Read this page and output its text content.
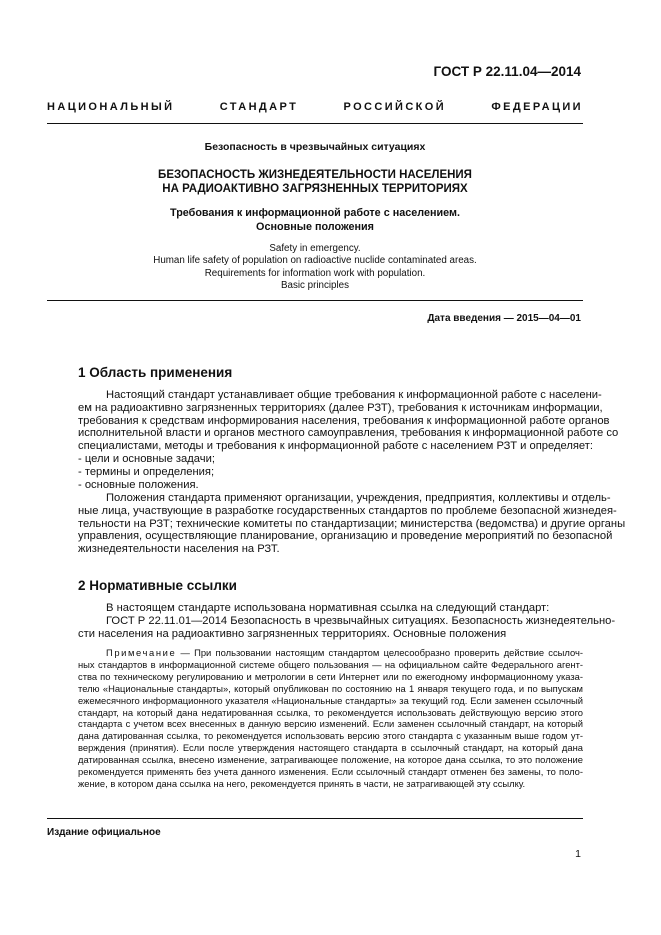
ГОСТ Р 22.11.04—2014
НАЦИОНАЛЬНЫЙ СТАНДАРТ РОССИЙСКОЙ ФЕДЕРАЦИИ
Безопасность в чрезвычайных ситуациях
БЕЗОПАСНОСТЬ ЖИЗНЕДЕЯТЕЛЬНОСТИ НАСЕЛЕНИЯ
НА РАДИОАКТИВНО ЗАГРЯЗНЕННЫХ ТЕРРИТОРИЯХ
Требования к информационной работе с населением.
Основные положения
Safety in emergency.
Human life safety of population on radioactive nuclide contaminated areas.
Requirements for information work with population.
Basic principles
Дата введения — 2015—04—01
1 Область применения
Настоящий стандарт устанавливает общие требования к информационной работе с населени-
ем на радиоактивно загрязненных территориях (далее РЗТ), требования к источникам информации,
требования к средствам информирования населения, требования к информационной работе органов
исполнительной власти и органов местного самоуправления, требования к информационной работе со
специалистами, методы и требования к информационной работе с населением РЗТ и определяет:
- цели и основные задачи;
- термины и определения;
- основные положения.
Положения стандарта применяют организации, учреждения, предприятия, коллективы и отдель-
ные лица, участвующие в разработке государственных стандартов по проблеме безопасной жизнедея-
тельности на РЗТ; технические комитеты по стандартизации; министерства (ведомства) и другие органы
управления, осуществляющие планирование, организацию и проведение мероприятий по безопасной
жизнедеятельности населения на РЗТ.
2 Нормативные ссылки
В настоящем стандарте использована нормативная ссылка на следующий стандарт:
ГОСТ Р 22.11.01—2014 Безопасность в чрезвычайных ситуациях. Безопасность жизнедеятельно-
сти населения на радиоактивно загрязненных территориях. Основные положения
Примечание — При пользовании настоящим стандартом целесообразно проверить действие ссылоч-
ных стандартов в информационной системе общего пользования — на официальном сайте Федерального агент-
ства по техническому регулированию и метрологии в сети Интернет или по ежегодному информационному указа-
телю «Национальные стандарты», который опубликован по состоянию на 1 января текущего года, и по выпускам
ежемесячного информационного указателя «Национальные стандарты» за текущий год. Если заменен ссылочный
стандарт, на который дана недатированная ссылка, то рекомендуется использовать действующую версию этого
стандарта с учетом всех внесенных в данную версию изменений. Если заменен ссылочный стандарт, на который
дана датированная ссылка, то рекомендуется использовать версию этого стандарта с указанным выше годом ут-
верждения (принятия). Если после утверждения настоящего стандарта в ссылочный стандарт, на который дана
датированная ссылка, внесено изменение, затрагивающее положение, на которое дана ссылка, то это положение
рекомендуется применять без учета данного изменения. Если ссылочный стандарт отменен без замены, то поло-
жение, в котором дана ссылка на него, рекомендуется принять в части, не затрагивающей эту ссылку.
Издание официальное
1
